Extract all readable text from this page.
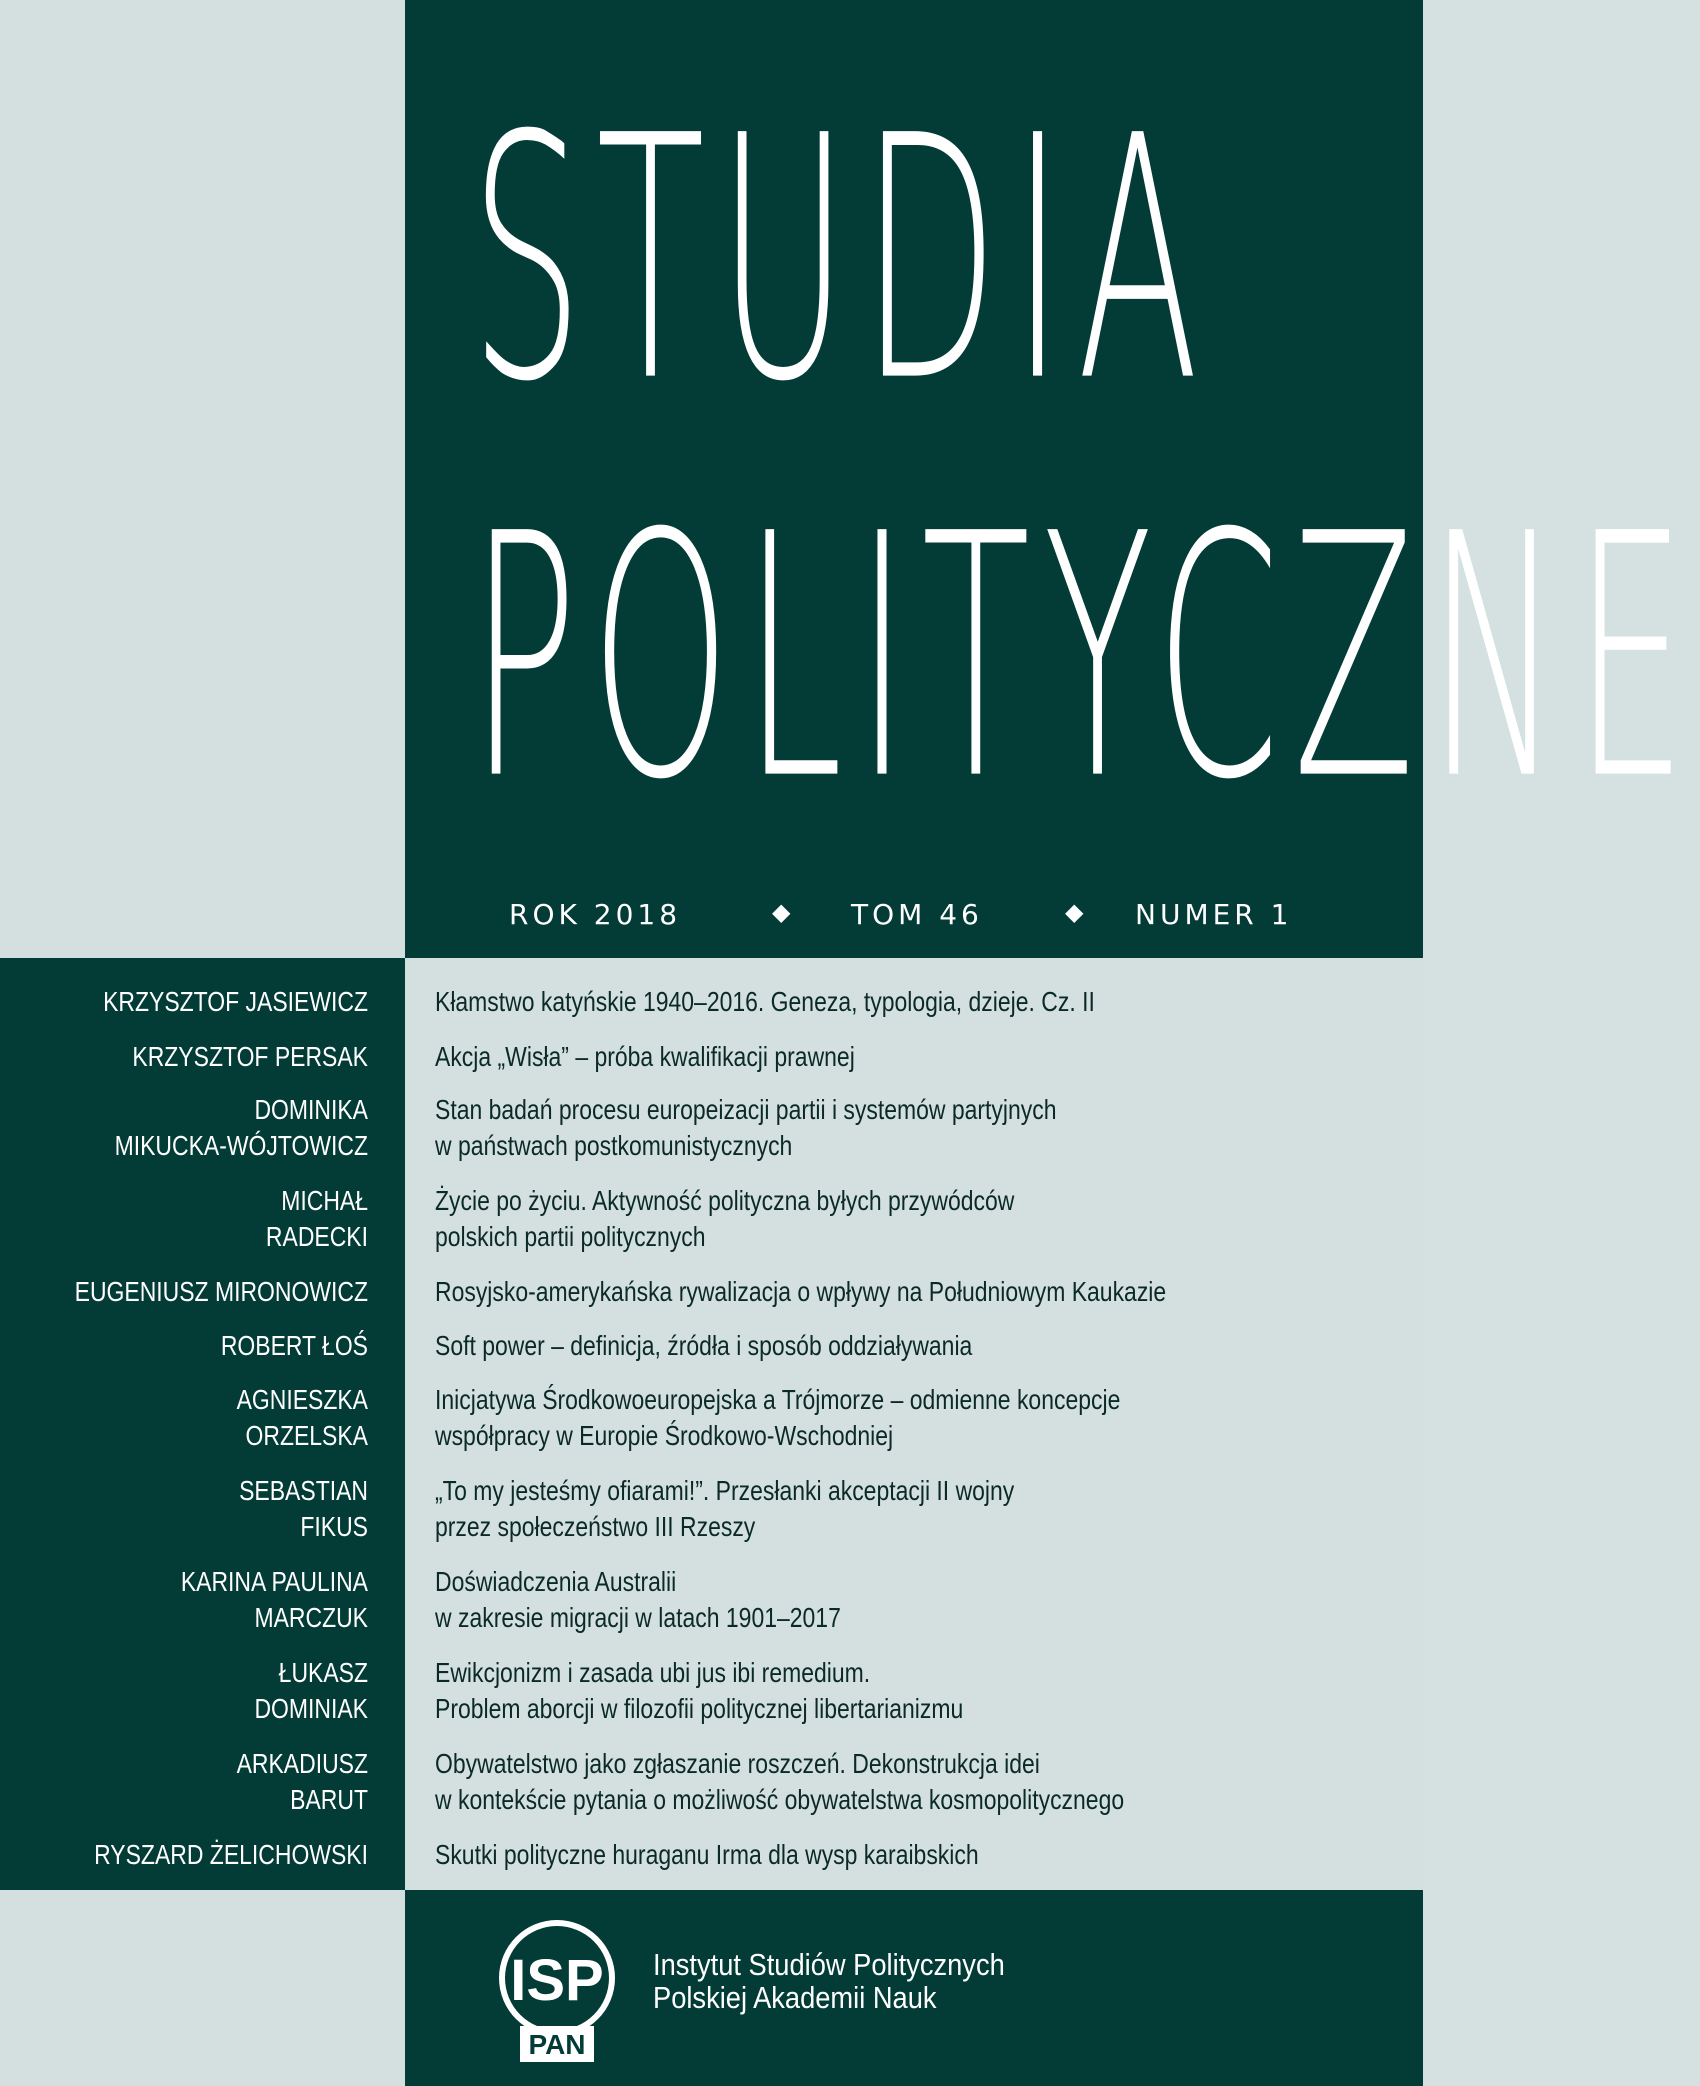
STUDIA
POLITYCZNE
ROK 2018	◆ TOM 46	◆ NUMER 1
KRZYSZTOF JASIEWICZ Kłamstwo katyńskie 1940–2016. Geneza, typologia, dzieje. Cz. II
KRZYSZTOF PERSAK Akcja „Wisła” – próba kwalifikacji prawnej
DOMINIKA
MIKUCKA-WÓJTOWICZ
Stan badań procesu europeizacji partii i systemów partyjnych
w państwach postkomunistycznych
MICHAŁ
RADECKI
Życie po życiu. Aktywność polityczna byłych przywódców
polskich partii politycznych
EUGENIUSZ MIRONOWICZ Rosyjsko-amerykańska rywalizacja o wpływy na Południowym Kaukazie
ROBERT ŁOŚ Soft power – definicja, źródła i sposób oddziaływania
AGNIESZKA
ORZELSKA
Inicjatywa Środkowoeuropejska a Trójmorze – odmienne koncepcje
współpracy w Europie Środkowo-Wschodniej
SEBASTIAN
FIKUS
„To my jesteśmy ofiarami!”. Przesłanki akceptacji II wojny
przez społeczeństwo III Rzeszy
KARINA PAULINA
MARCZUK
Doświadczenia Australii
w zakresie migracji w latach 1901–2017
ŁUKASZ
DOMINIAK
Ewikcjonizm i zasada ubi jus ibi remedium.
Problem aborcji w filozofii politycznej libertarianizmu
ARKADIUSZ
BARUT
Obywatelstwo jako zgłaszanie roszczeń. Dekonstrukcja idei
w kontekście pytania o możliwość obywatelstwa kosmopolitycznego
RYSZARD ŻELICHOWSKI Skutki polityczne huraganu Irma dla wysp karaibskich
ISP
PAN
Instytut Studiów Politycznych
Polskiej Akademii Nauk
